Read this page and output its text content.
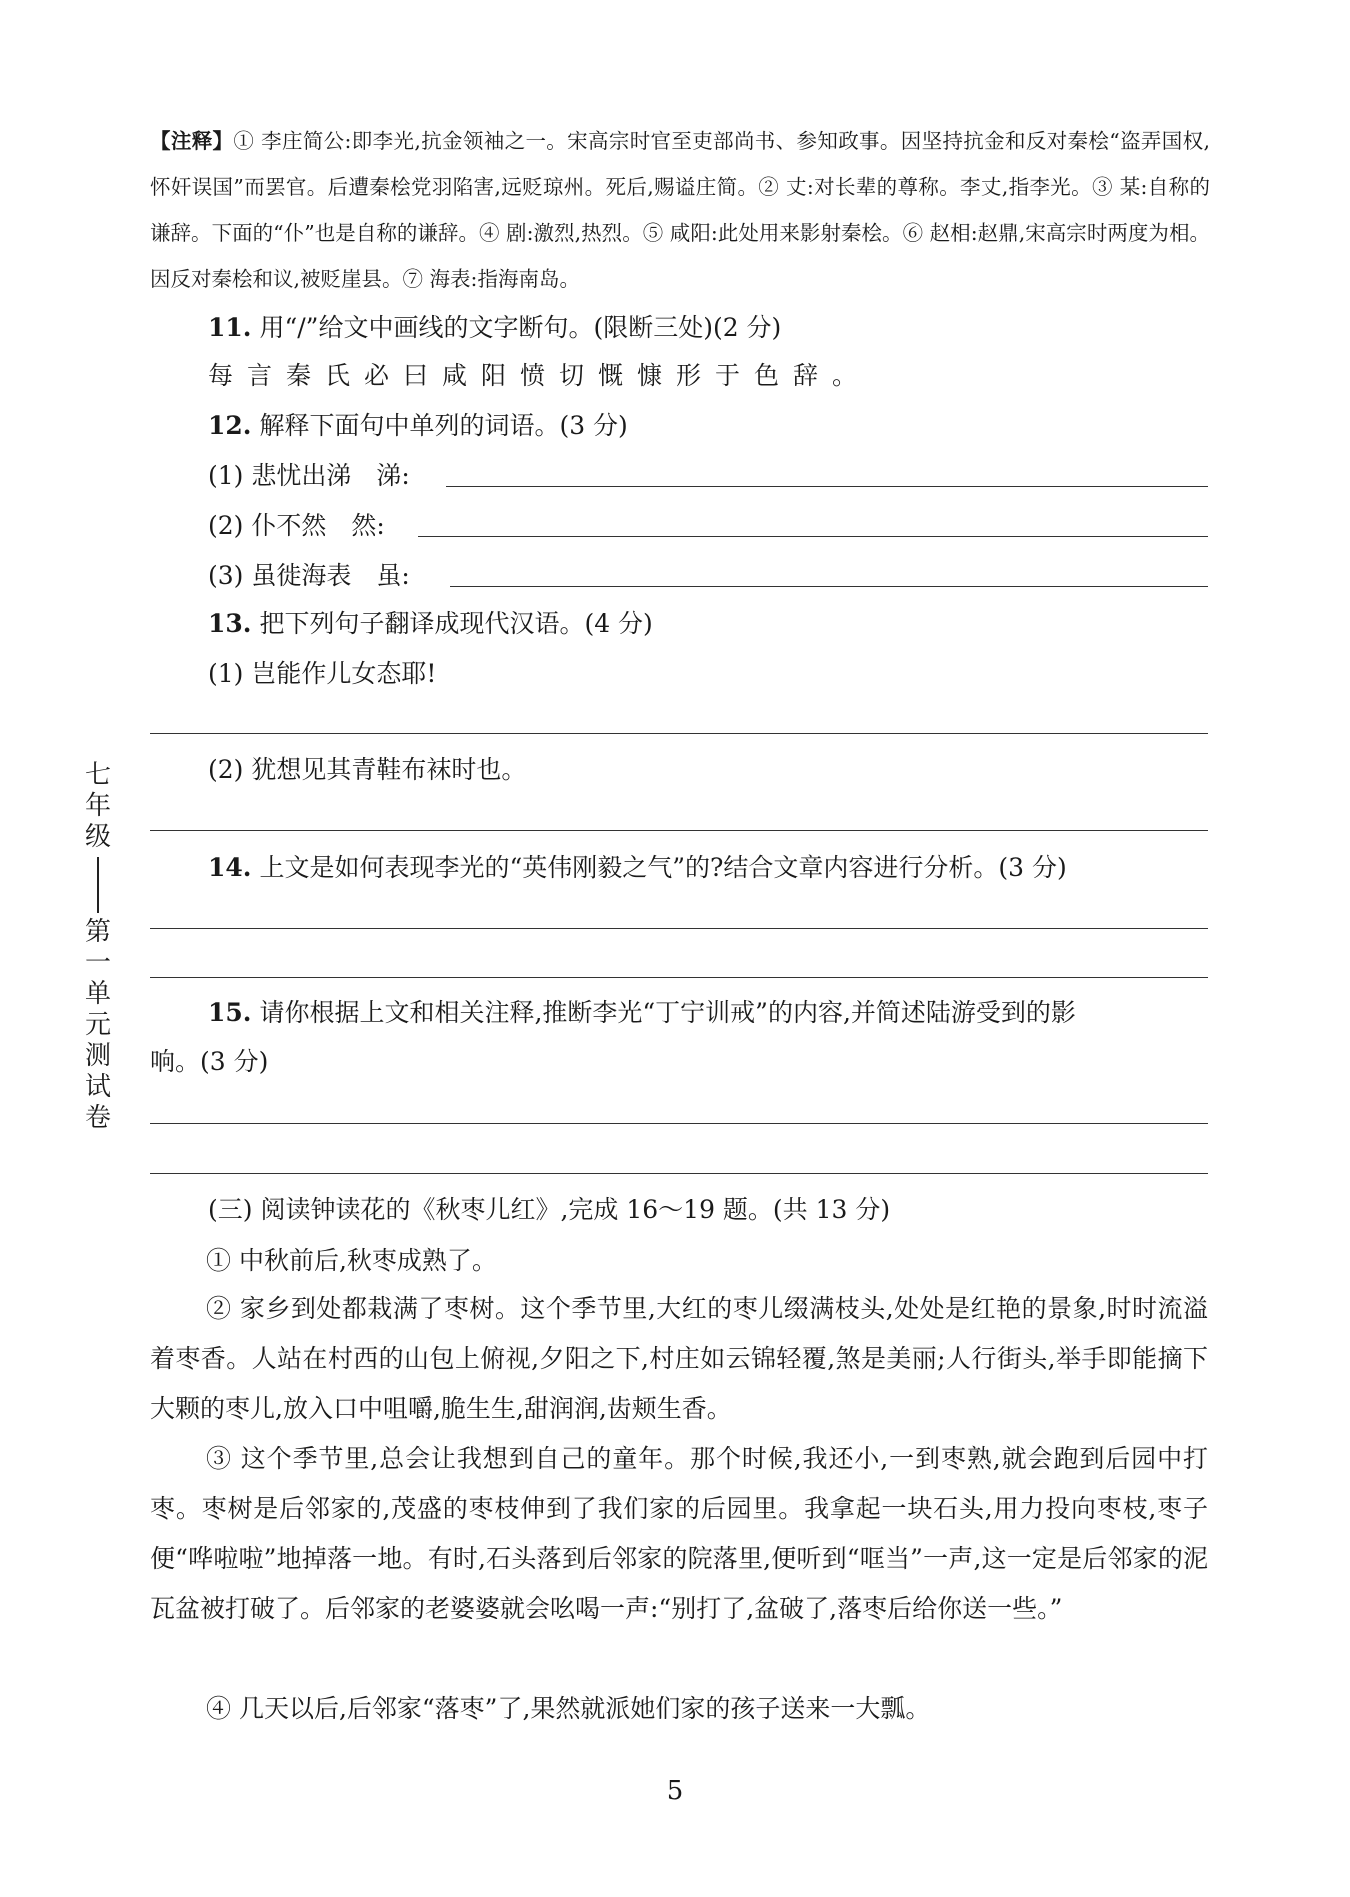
【注释】① 李庄简公:即李光,抗金领袖之一。宋高宗时官至吏部尚书、参知政事。因坚持抗金和反对秦桧“盗弄国权,怀奸误国”而罢官。后遭秦桧党羽陷害,远贬琼州。死后,赐谥庄简。② 丈:对长辈的尊称。李丈,指李光。③ 某:自称的谦辞。下面的“仆”也是自称的谦辞。④ 剧:激烈,热烈。⑤ 咸阳:此处用来影射秦桧。⑥ 赵相:赵鼎,宋高宗时两度为相。因反对秦桧和议,被贬崖县。⑦ 海表:指海南岛。
11. 用“/”给文中画线的文字断句。(限断三处)(2 分)
每言秦氏必曰咸阳愤切慨慷形于色辞。
12. 解释下面句中单列的词语。(3 分)
(1) 悲忧出涕　涕:
(2) 仆不然　然:
(3) 虽徙海表　虽:
13. 把下列句子翻译成现代汉语。(4 分)
(1) 岂能作儿女态耶!
(2) 犹想见其青鞋布袜时也。
14. 上文是如何表现李光的“英伟刚毅之气”的?结合文章内容进行分析。(3 分)
15. 请你根据上文和相关注释,推断李光“丁宁训戒”的内容,并简述陆游受到的影
响。(3 分)
(三) 阅读钟读花的《秋枣儿红》,完成 16～19 题。(共 13 分)
① 中秋前后,秋枣成熟了。
② 家乡到处都栽满了枣树。这个季节里,大红的枣儿缀满枝头,处处是红艳的景象,时时流溢着枣香。人站在村西的山包上俯视,夕阳之下,村庄如云锦轻覆,煞是美丽;人行街头,举手即能摘下大颗的枣儿,放入口中咀嚼,脆生生,甜润润,齿颊生香。
③ 这个季节里,总会让我想到自己的童年。那个时候,我还小,一到枣熟,就会跑到后园中打枣。枣树是后邻家的,茂盛的枣枝伸到了我们家的后园里。我拿起一块石头,用力投向枣枝,枣子便“哗啦啦”地掉落一地。有时,石头落到后邻家的院落里,便听到“哐当”一声,这一定是后邻家的泥瓦盆被打破了。后邻家的老婆婆就会吆喝一声:“别打了,盆破了,落枣后给你送一些。”
④ 几天以后,后邻家“落枣”了,果然就派她们家的孩子送来一大瓢。
七年级
第一单元测试卷
5
